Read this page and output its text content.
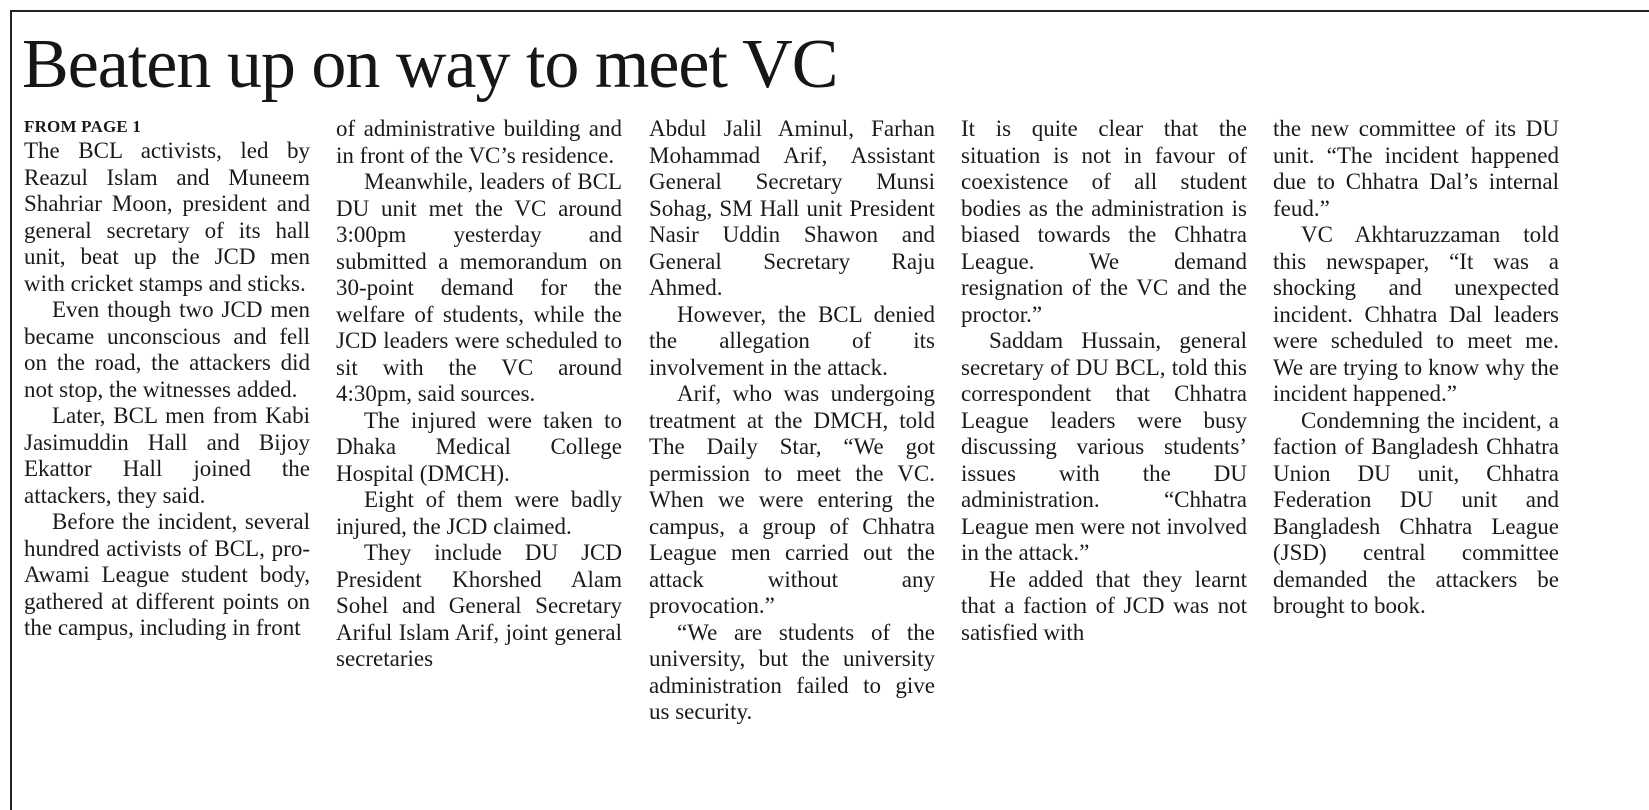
Beaten up on way to meet VC
FROM PAGE 1

The BCL activists, led by Reazul Islam and Muneem Shahriar Moon, president and general secretary of its hall unit, beat up the JCD men with cricket stamps and sticks.

Even though two JCD men became unconscious and fell on the road, the attackers did not stop, the witnesses added.

Later, BCL men from Kabi Jasimuddin Hall and Bijoy Ekattor Hall joined the attackers, they said.

Before the incident, several hundred activists of BCL, pro-Awami League student body, gathered at different points on the campus, including in front

of administrative building and in front of the VC’s residence.

Meanwhile, leaders of BCL DU unit met the VC around 3:00pm yesterday and submitted a memorandum on 30-point demand for the welfare of students, while the JCD leaders were scheduled to sit with the VC around 4:30pm, said sources.

The injured were taken to Dhaka Medical College Hospital (DMCH).

Eight of them were badly injured, the JCD claimed.

They include DU JCD President Khorshed Alam Sohel and General Secretary Ariful Islam Arif, joint general secretaries

Abdul Jalil Aminul, Farhan Mohammad Arif, Assistant General Secretary Munsi Sohag, SM Hall unit President Nasir Uddin Shawon and General Secretary Raju Ahmed.

However, the BCL denied the allegation of its involvement in the attack.

Arif, who was undergoing treatment at the DMCH, told The Daily Star, “We got permission to meet the VC. When we were entering the campus, a group of Chhatra League men carried out the attack without any provocation.”

“We are students of the university, but the university administration failed to give us security.

It is quite clear that the situation is not in favour of coexistence of all student bodies as the administration is biased towards the Chhatra League. We demand resignation of the VC and the proctor.”

Saddam Hussain, general secretary of DU BCL, told this correspondent that Chhatra League leaders were busy discussing various students’ issues with the DU administration. “Chhatra League men were not involved in the attack.”

He added that they learnt that a faction of JCD was not satisfied with

the new committee of its DU unit. “The incident happened due to Chhatra Dal’s internal feud.”

VC Akhtaruzzaman told this newspaper, “It was a shocking and unexpected incident. Chhatra Dal leaders were scheduled to meet me. We are trying to know why the incident happened.”

Condemning the incident, a faction of Bangladesh Chhatra Union DU unit, Chhatra Federation DU unit and Bangladesh Chhatra League (JSD) central committee demanded the attackers be brought to book.
